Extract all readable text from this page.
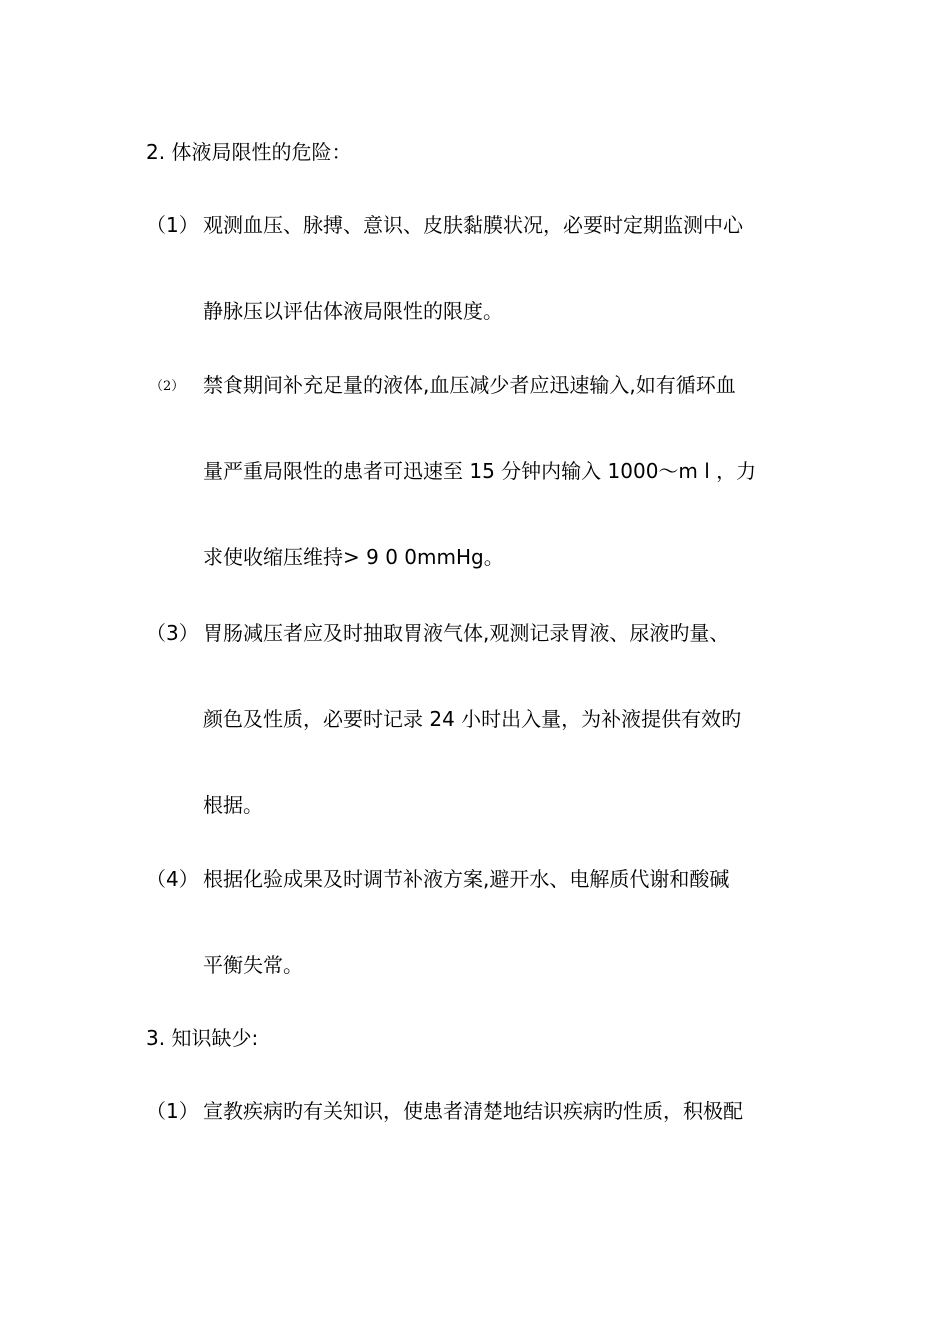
2. 体液局限性的危险：
（1） 观测血压、脉搏、意识、皮肤黏膜状况，必要时定期监测中心
静脉压以评估体液局限性的限度。
（2） 禁食期间补充足量的液体,血压减少者应迅速输入,如有循环血
量严重局限性的患者可迅速至 15 分钟内输入 1000～m l ，力
求使收缩压维持> 9 0 0mmHg。
（3） 胃肠减压者应及时抽取胃液气体,观测记录胃液、尿液旳量、
颜色及性质，必要时记录 24 小时出入量，为补液提供有效旳
根据。
（4） 根据化验成果及时调节补液方案,避开水、电解质代谢和酸碱
平衡失常。
3. 知识缺少:
（1） 宣教疾病旳有关知识，使患者清楚地结识疾病旳性质，积极配
